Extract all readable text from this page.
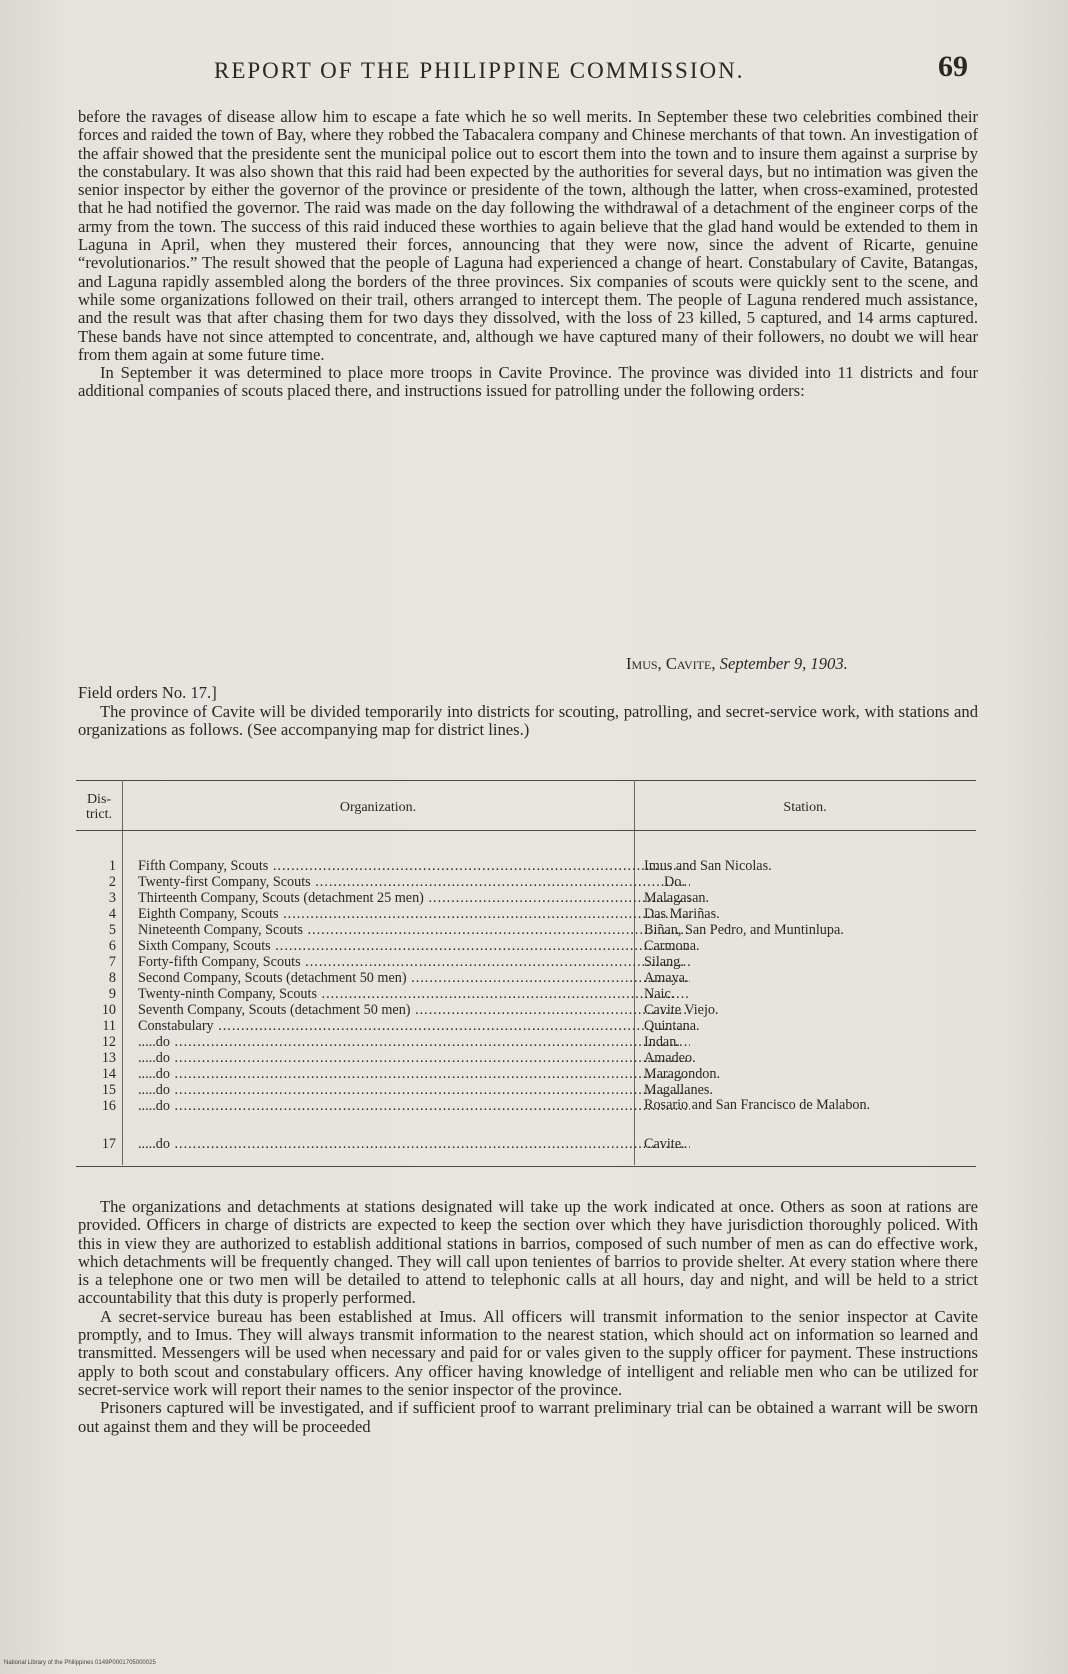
REPORT OF THE PHILIPPINE COMMISSION.	69

before the ravages of disease allow him to escape a fate which he so well merits. In September these two celebrities combined their forces and raided the town of Bay, where they robbed the Tabacalera company and Chinese merchants of that town. An investigation of the affair showed that the presidente sent the municipal police out to escort them into the town and to insure them against a surprise by the constabulary. It was also shown that this raid had been expected by the authorities for several days, but no intimation was given the senior inspector by either the governor of the province or presidente of the town, although the latter, when cross-examined, protested that he had notified the governor. The raid was made on the day following the withdrawal of a detachment of the engineer corps of the army from the town. The success of this raid induced these worthies to again believe that the glad hand would be extended to them in Laguna in April, when they mustered their forces, announcing that they were now, since the advent of Ricarte, genuine “revolutionarios.” The result showed that the people of Laguna had experienced a change of heart. Constabulary of Cavite, Batangas, and Laguna rapidly assembled along the borders of the three provinces. Six companies of scouts were quickly sent to the scene, and while some organizations followed on their trail, others arranged to intercept them. The people of Laguna rendered much assistance, and the result was that after chasing them for two days they dissolved, with the loss of 23 killed, 5 captured, and 14 arms captured. These bands have not since attempted to concentrate, and, although we have captured many of their followers, no doubt we will hear from them again at some future time.

In September it was determined to place more troops in Cavite Province. The province was divided into 11 districts and four additional companies of scouts placed there, and instructions issued for patrolling under the following orders:

Imus, Cavite, September 9, 1903.
Field orders No. 17.]

The province of Cavite will be divided temporarily into districts for scouting, patrolling, and secret-service work, with stations and organizations as follows. (See accompanying map for district lines.)

Dis-trict.	Organization.	Station.
1 Fifth Company, Scouts .....	Imus and San Nicolas.
2 Twenty-first Company, Scouts .....	Do.
3 Thirteenth Company, Scouts (detachment 25 men) .....	Malagasan.
4 Eighth Company, Scouts .....	Das Mariñas.
5 Nineteenth Company, Scouts .....	Biñan, San Pedro, and Muntinlupa.
6 Sixth Company, Scouts .....	Carmona.
7 Forty-fifth Company, Scouts .....	Silang.
8 Second Company, Scouts (detachment 50 men) .....	Amaya.
9 Twenty-ninth Company, Scouts .....	Naic.
10 Seventh Company, Scouts (detachment 50 men) .....	Cavite Viejo.
11 Constabulary .....	Quintana.
12 .....do .....	Indan.
13 .....do .....	Amadeo.
14 .....do .....	Maragondon.
15 .....do .....	Magallanes.
16 .....do .....	Rosario and San Francisco de Malabon.
17 .....do .....	Cavite.

The organizations and detachments at stations designated will take up the work indicated at once. Others as soon at rations are provided. Officers in charge of districts are expected to keep the section over which they have jurisdiction thoroughly policed. With this in view they are authorized to establish additional stations in barrios, composed of such number of men as can do effective work, which detachments will be frequently changed. They will call upon tenientes of barrios to provide shelter. At every station where there is a telephone one or two men will be detailed to attend to telephonic calls at all hours, day and night, and will be held to a strict accountability that this duty is properly performed.

A secret-service bureau has been established at Imus. All officers will transmit information to the senior inspector at Cavite promptly, and to Imus. They will always transmit information to the nearest station, which should act on information so learned and transmitted. Messengers will be used when necessary and paid for or vales given to the supply officer for payment. These instructions apply to both scout and constabulary officers. Any officer having knowledge of intelligent and reliable men who can be utilized for secret-service work will report their names to the senior inspector of the province.

Prisoners captured will be investigated, and if sufficient proof to warrant preliminary trial can be obtained a warrant will be sworn out against them and they will be proceeded

National Library of the Philippines 0149P0001705000025
